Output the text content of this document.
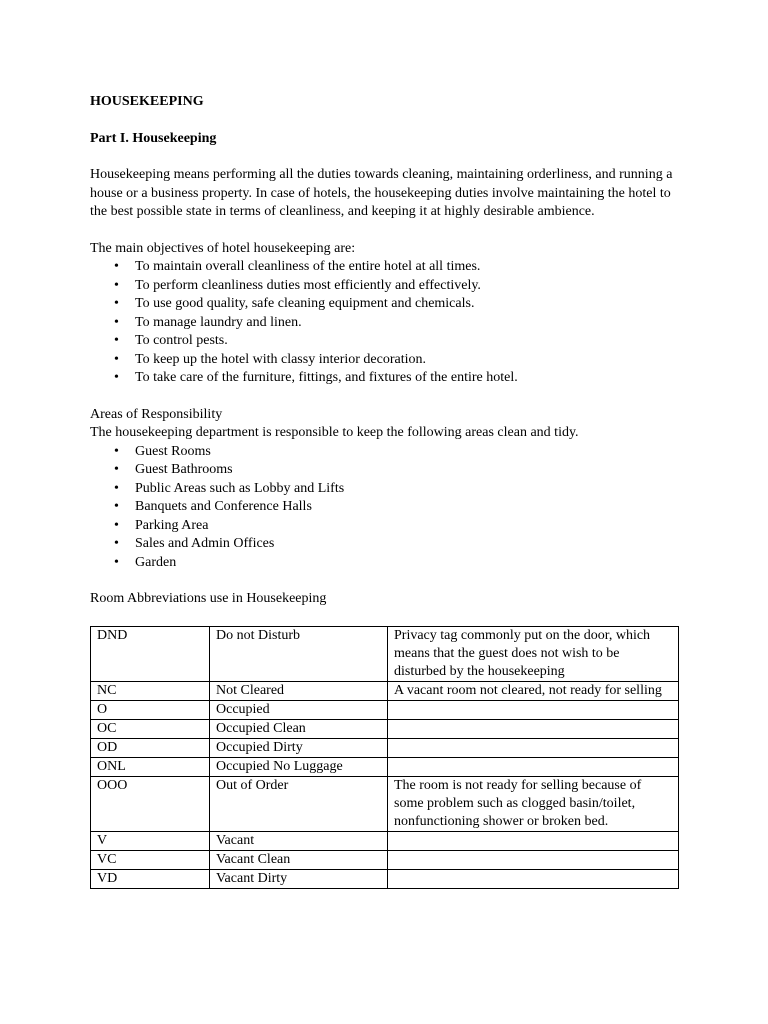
HOUSEKEEPING

Part I. Housekeeping

Housekeeping means performing all the duties towards cleaning, maintaining orderliness, and running a house or a business property. In case of hotels, the housekeeping duties involve maintaining the hotel to the best possible state in terms of cleanliness, and keeping it at highly desirable ambience.

The main objectives of hotel housekeeping are:

• To maintain overall cleanliness of the entire hotel at all times.
• To perform cleanliness duties most efficiently and effectively.
• To use good quality, safe cleaning equipment and chemicals.
• To manage laundry and linen.
• To control pests.
• To keep up the hotel with classy interior decoration.
• To take care of the furniture, fittings, and fixtures of the entire hotel.

Areas of Responsibility

The housekeeping department is responsible to keep the following areas clean and tidy.

• Guest Rooms
• Guest Bathrooms
• Public Areas such as Lobby and Lifts
• Banquets and Conference Halls
• Parking Area
• Sales and Admin Offices
• Garden

Room Abbreviations use in Housekeeping

DND	Do not Disturb	Privacy tag commonly put on the door, which means that the guest does not wish to be disturbed by the housekeeping
NC	Not Cleared	A vacant room not cleared, not ready for selling
O	Occupied	
OC	Occupied Clean	
OD	Occupied Dirty	
ONL	Occupied No Luggage	
OOO	Out of Order	The room is not ready for selling because of some problem such as clogged basin/toilet, nonfunctioning shower or broken bed.
V	Vacant	
VC	Vacant Clean	
VD	Vacant Dirty	
